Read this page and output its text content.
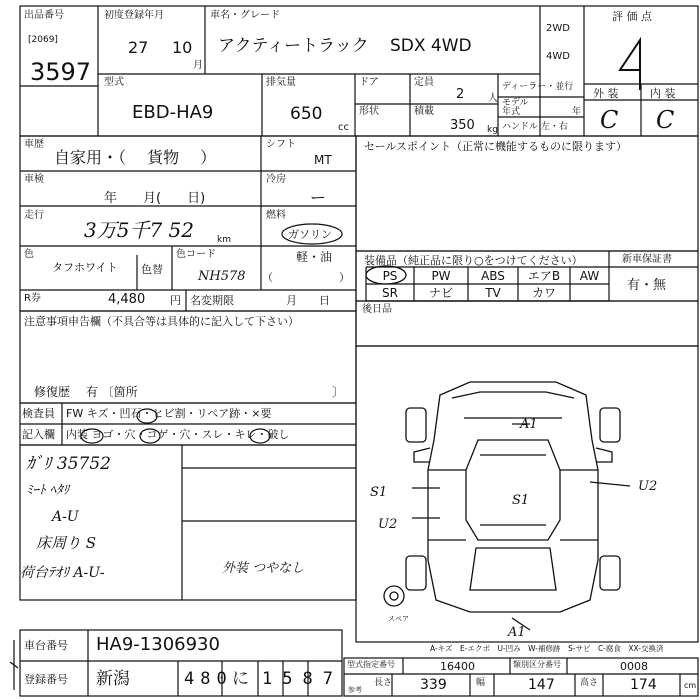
出品番号
[2069]
3597
初度登録年月
27 10
月
車名・グレード
アクティートラック SDX 4WD
2WD
4WD
評 価 点
外 装	内 装
C C
型式
EBD-HA9
排気量
650
cc
ドア	定員
2 人
形状	積載
350 kg
ディーラー・並行
モデル
年式	年
ハンドル 左・右
車歴
自家用・（　 貨物　 ）
シフト
MT
セールスポイント（正常に機能するものに限ります）
車検
年　　月(　　日)
冷房
ー
走行
3万5千7 52	km
燃料
ガソリン
軽・油
（　　　　　　）
色
タフホワイト 色替
色コード
NH578
R券	4,480 円 名変期限	月　　日
装備品（純正品に限り○をつけてください）	新車保証書
有・無
PS	PW	ABS	エアB	AW
SR	ナビ	TV	カワ
後日品
注意事項申告欄（不具合等は具体的に記入して下さい）
修復歴　 有 〔箇所	〕
検査員
記入欄
FW キズ・凹石・ヒビ割・リペア跡・×要
内装 ヨゴ・穴・コゲ・穴・スレ・キレ・破し
ｶﾞﾘ 35752
ﾐｰﾄ ﾍﾀﾘ
A-U
床周り S
荷台ﾃｵﾘ A-U-	外装 つやなし
A1
S1
S1
U2
U2
A1
スペア
A-キズ　E-エクボ　U-凹み　W-補修跡　S-サビ　C-腐食　XX-交換済
車台番号 HA9-1306930
登録番号 新潟	480 に 1587
型式指定番号	16400	類別区分番号	0008
長さ 339	幅	147	高さ 174	cm
参考
